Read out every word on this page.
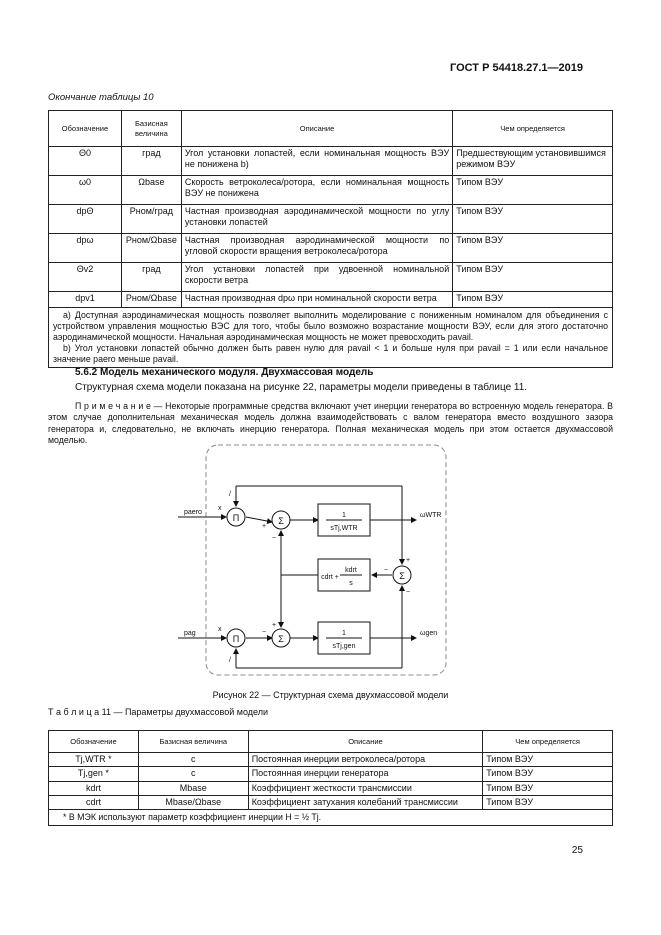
ГОСТ Р 54418.27.1—2019
Окончание таблицы 10
Обозначение	Базисная величина	Описание	Чем определяется
Θ0	град	Угол установки лопастей, если номинальная мощность ВЭУ не понижена b)	Предшествующим установившимся режимом ВЭУ
ω0	Ωbase	Скорость ветроколеса/ротора, если номинальная мощность ВЭУ не понижена	Типом ВЭУ
dpΘ	Pном/град	Частная производная аэродинамической мощности по углу установки лопастей	Типом ВЭУ
dpω	Pном/Ωbase	Частная производная аэродинамической мощности по угловой скорости вращения ветроколеса/ротора	Типом ВЭУ
Θv2	град	Угол установки лопастей при удвоенной номинальной скорости ветра	Типом ВЭУ
dpv1	Pном/Ωbase	Частная производная dpω при номинальной скорости ветра	Типом ВЭУ

a) Доступная аэродинамическая мощность позволяет выполнить моделирование с пониженным номиналом для объединения с устройством управления мощностью ВЭС для того, чтобы было возможно возрастание мощности ВЭУ, если для этого достаточно аэродинамической мощности. Начальная аэродинамическая мощность не может превосходить pavail.
b) Угол установки лопастей обычно должен быть равен нулю для pavail < 1 и больше нуля при pavail = 1 или если начальное значение paero меньше pavail.			
5.6.2 Модель механического модуля. Двухмассовая модель
Структурная схема модели показана на рисунке 22, параметры модели приведены в таблице 11.
П р и м е ч а н и е — Некоторые программные средства включают учет инерции генератора во встроенную модель генератора. В этом случае дополнительная механическая модель должна взаимодействовать с валом генератора вместо воздушного зазора генератора и, следовательно, не включать инерцию генератора. Полная механическая модель при этом остается двухмассовой моделью.
Π	Σ
Σ
Π	Σ
1
sTj,WTR
cdrt +
kdrt
s
1
sTj,gen
paero
pag
ωWTR
ωgen
x
x
/
/
+
−
−
+
+
−
−
Рисунок 22 — Структурная схема двухмассовой модели
Т а б л и ц а 11 — Параметры двухмассовой модели
Обозначение	Базисная величина	Описание	Чем определяется
Tj,WTR *	с	Постоянная инерции ветроколеса/ротора	Типом ВЭУ
Tj,gen *	с	Постоянная инерции генератора	Типом ВЭУ
kdrt	Mbase	Коэффициент жесткости трансмиссии	Типом ВЭУ
cdrt	Mbase/Ωbase	Коэффициент затухания колебаний трансмиссии	Типом ВЭУ
* В МЭК используют параметр коэффициент инерции H = ½ Tj.			
25
